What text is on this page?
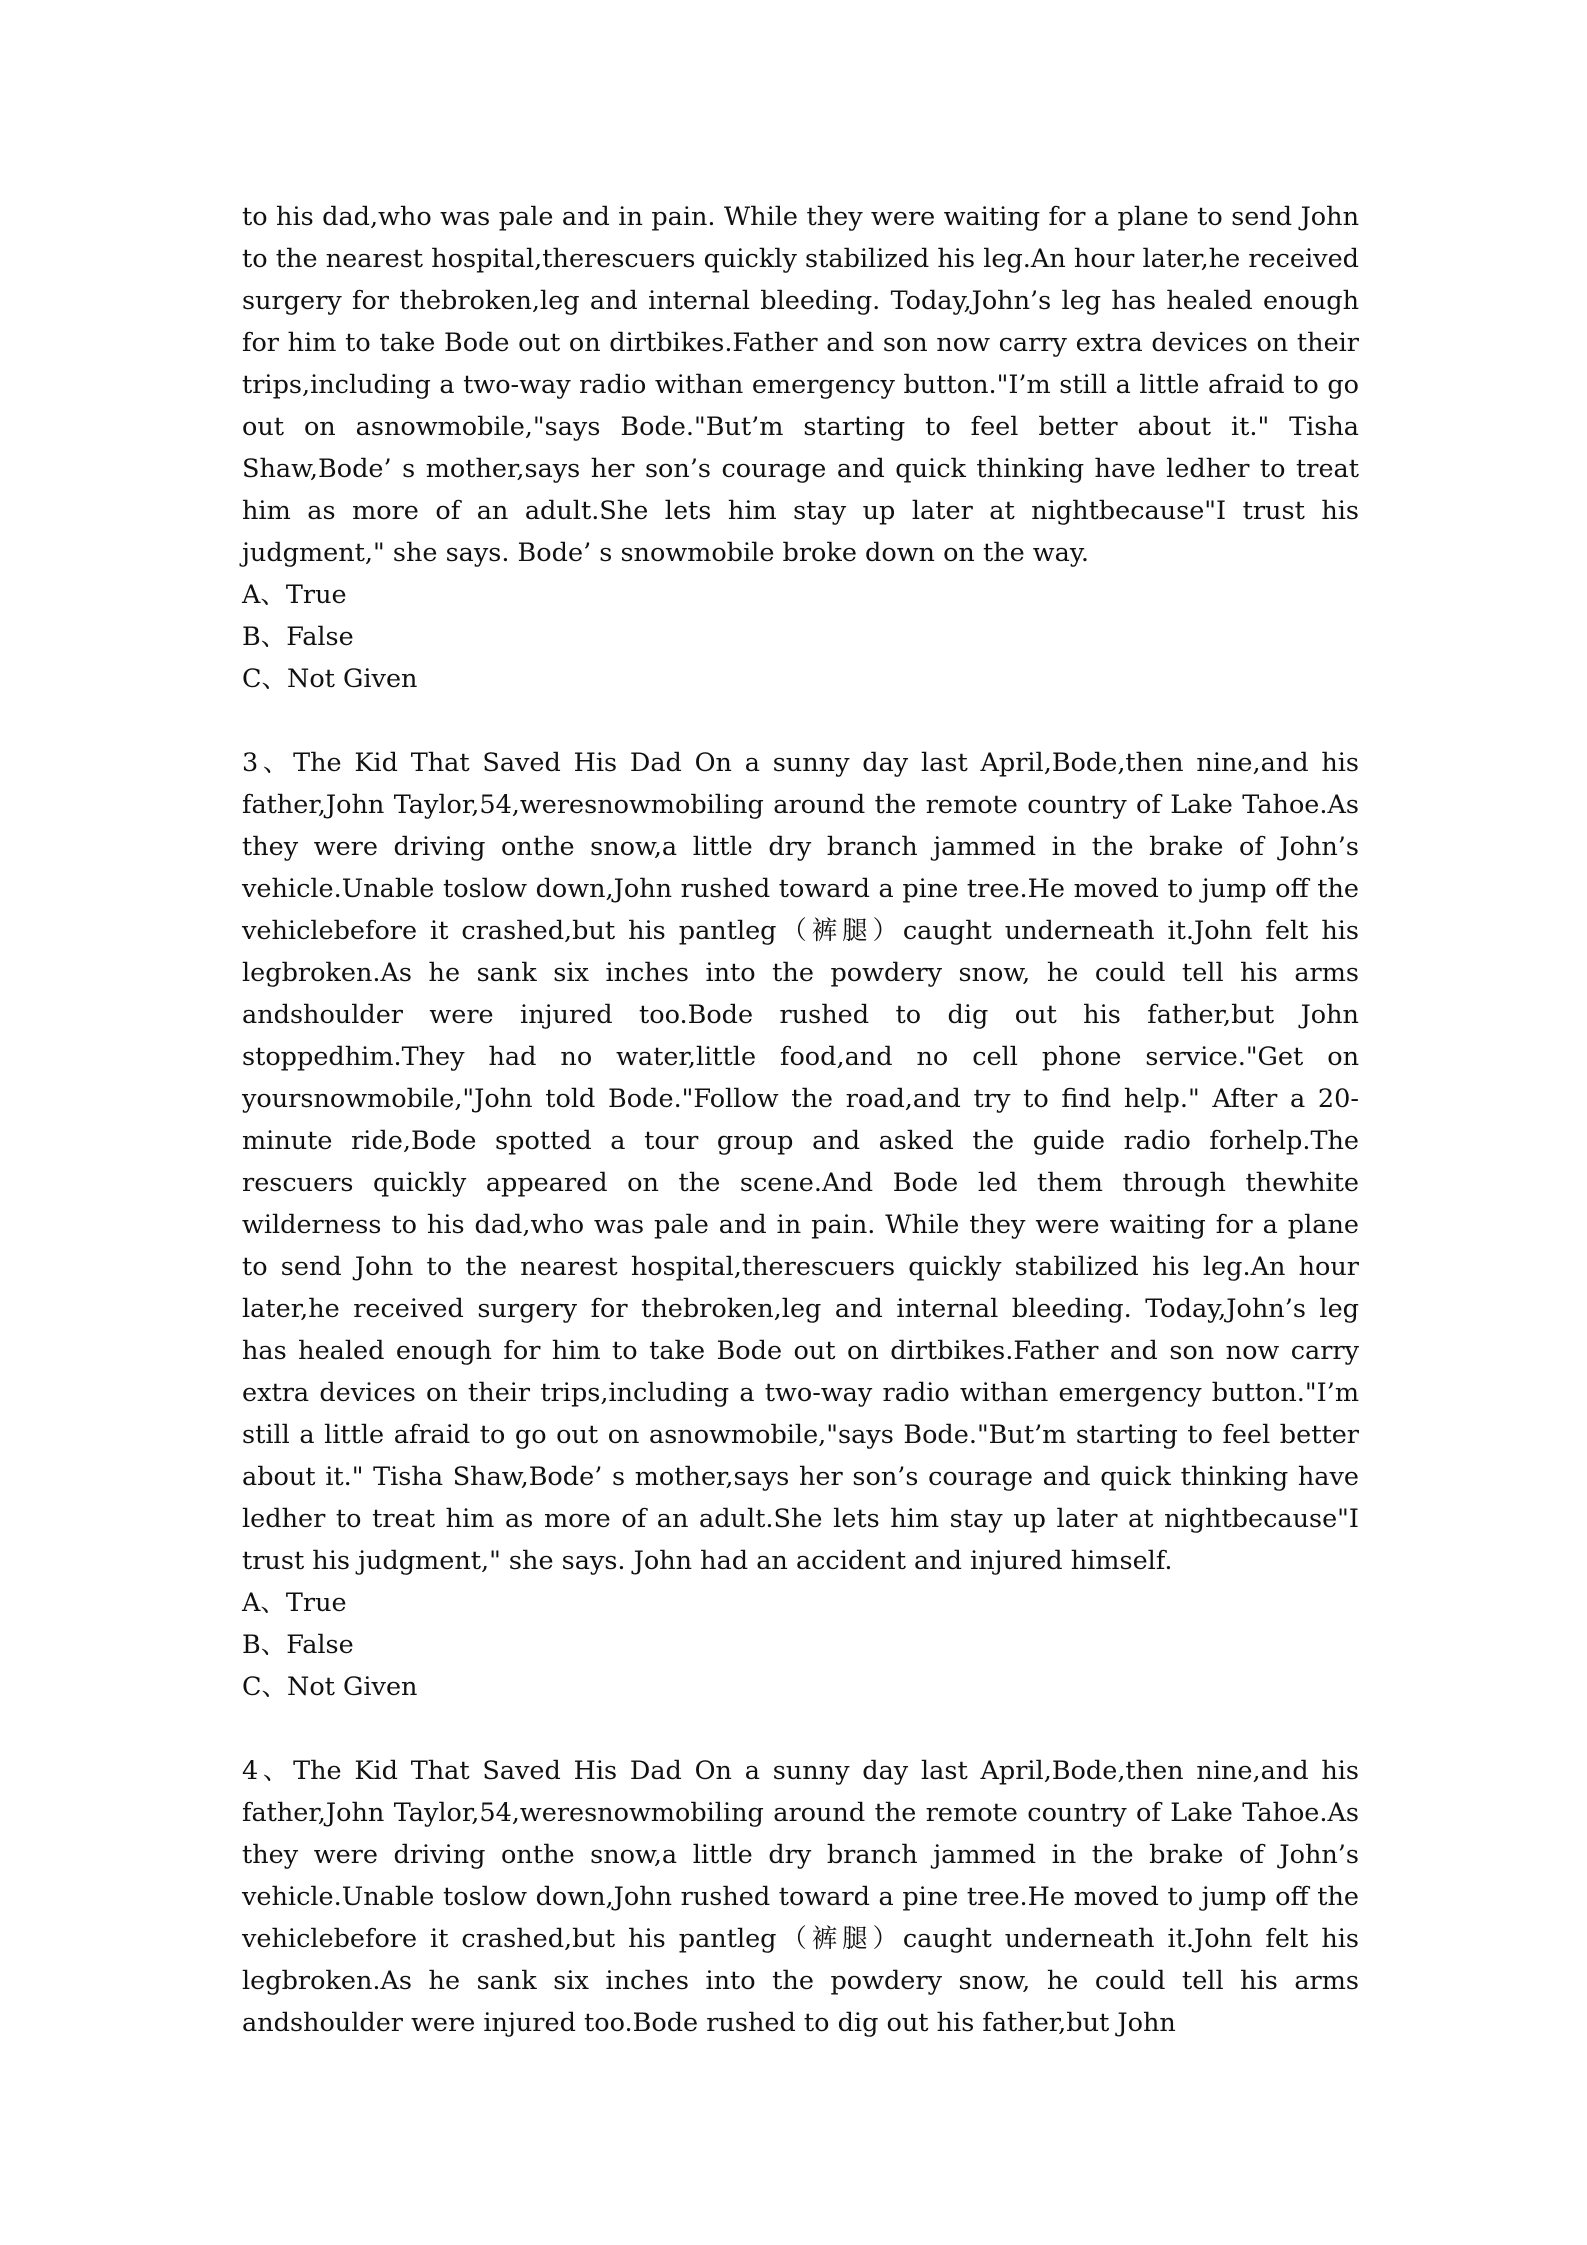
to his dad,who was pale and in pain. While they were waiting for a plane to send John to the nearest hospital,therescuers quickly stabilized his leg.An hour later,he received surgery for thebroken,leg and internal bleeding. Today,John’s leg has healed enough for him to take Bode out on dirtbikes.Father and son now carry extra devices on their trips,including a two-way radio withan emergency button."I’m still a little afraid to go out on asnowmobile,"says Bode."But’m starting to feel better about it." Tisha Shaw,Bode’ s mother,says her son’s courage and quick thinking have ledher to treat him as more of an adult.She lets him stay up later at nightbecause"I trust his judgment," she says. Bode’ s snowmobile broke down on the way.

A、True

B、False

C、Not Given

3、The Kid That Saved His Dad On a sunny day last April,Bode,then nine,and his father,John Taylor,54,weresnowmobiling around the remote country of Lake Tahoe.As they were driving onthe snow,a little dry branch jammed in the brake of John’s vehicle.Unable toslow down,John rushed toward a pine tree.He moved to jump off the vehiclebefore it crashed,but his pantleg（裤腿）caught underneath it.John felt his legbroken.As he sank six inches into the powdery snow, he could tell his arms andshoulder were injured too.Bode rushed to dig out his father,but John stoppedhim.They had no water,little food,and no cell phone service."Get on yoursnowmobile,"John told Bode."Follow the road,and try to find help." After a 20-minute ride,Bode spotted a tour group and asked the guide radio forhelp.The rescuers quickly appeared on the scene.And Bode led them through thewhite wilderness to his dad,who was pale and in pain. While they were waiting for a plane to send John to the nearest hospital,therescuers quickly stabilized his leg.An hour later,he received surgery for thebroken,leg and internal bleeding. Today,John’s leg has healed enough for him to take Bode out on dirtbikes.Father and son now carry extra devices on their trips,including a two-way radio withan emergency button."I’m still a little afraid to go out on asnowmobile,"says Bode."But’m starting to feel better about it." Tisha Shaw,Bode’ s mother,says her son’s courage and quick thinking have ledher to treat him as more of an adult.She lets him stay up later at nightbecause"I trust his judgment," she says. John had an accident and injured himself.

A、True

B、False

C、Not Given

4、The Kid That Saved His Dad On a sunny day last April,Bode,then nine,and his father,John Taylor,54,weresnowmobiling around the remote country of Lake Tahoe.As they were driving onthe snow,a little dry branch jammed in the brake of John’s vehicle.Unable toslow down,John rushed toward a pine tree.He moved to jump off the vehiclebefore it crashed,but his pantleg（裤腿）caught underneath it.John felt his legbroken.As he sank six inches into the powdery snow, he could tell his arms andshoulder were injured too.Bode rushed to dig out his father,but John
